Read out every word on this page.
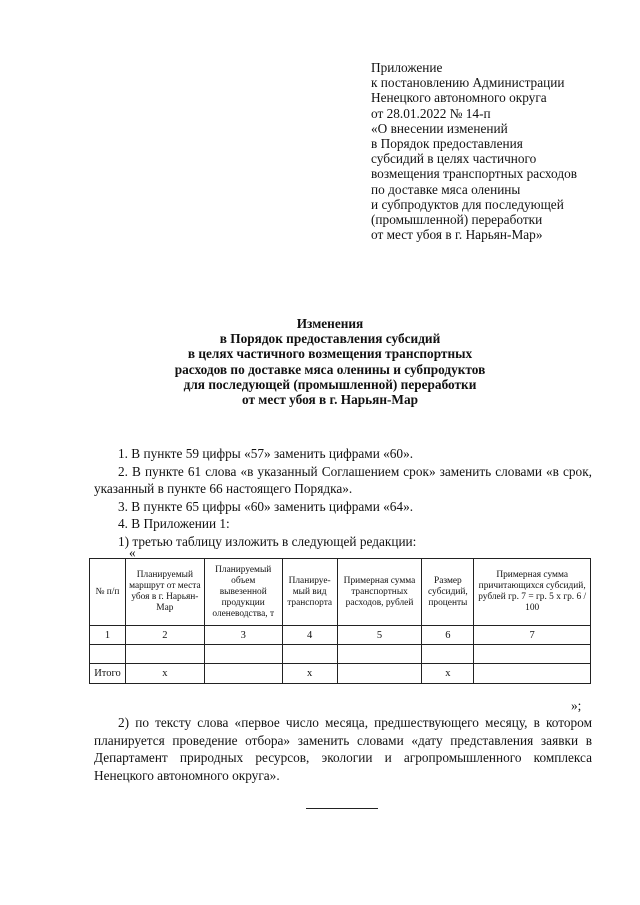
Приложение
к постановлению Администрации
Ненецкого автономного округа
от 28.01.2022 № 14-п
«О внесении изменений
в Порядок предоставления
субсидий в целях частичного
возмещения транспортных расходов
по доставке мяса оленины
и субпродуктов для последующей
(промышленной) переработки
от мест убоя в г. Нарьян-Мар»
Изменения
в Порядок предоставления субсидий
в целях частичного возмещения транспортных
расходов по доставке мяса оленины и субпродуктов
для последующей (промышленной) переработки
от мест убоя в г. Нарьян-Мар
1. В пункте 59 цифры «57» заменить цифрами «60».
2. В пункте 61 слова «в указанный Соглашением срок» заменить словами «в срок, указанный в пункте 66 настоящего Порядка».
3. В пункте 65 цифры «60» заменить цифрами «64».
4. В Приложении 1:
1) третью таблицу изложить в следующей редакции:
«
№ п/п	Планируемый маршрут от места убоя в г. Нарьян-Мар	Планируемый объем вывезенной продукции оленеводства, т	Планируе-мый вид транспорта	Примерная сумма транспортных расходов, рублей	Размер субсидий, проценты	Примерная сумма причитающихся субсидий, рублей гр. 7 = гр. 5 х гр. 6 / 100
1	2	3	4	5	6	7

Итого	х		х		х	
»;
2) по тексту слова «первое число месяца, предшествующего месяцу, в котором планируется проведение отбора» заменить словами «дату представления заявки в Департамент природных ресурсов, экологии и агропромышленного комплекса Ненецкого автономного округа».
